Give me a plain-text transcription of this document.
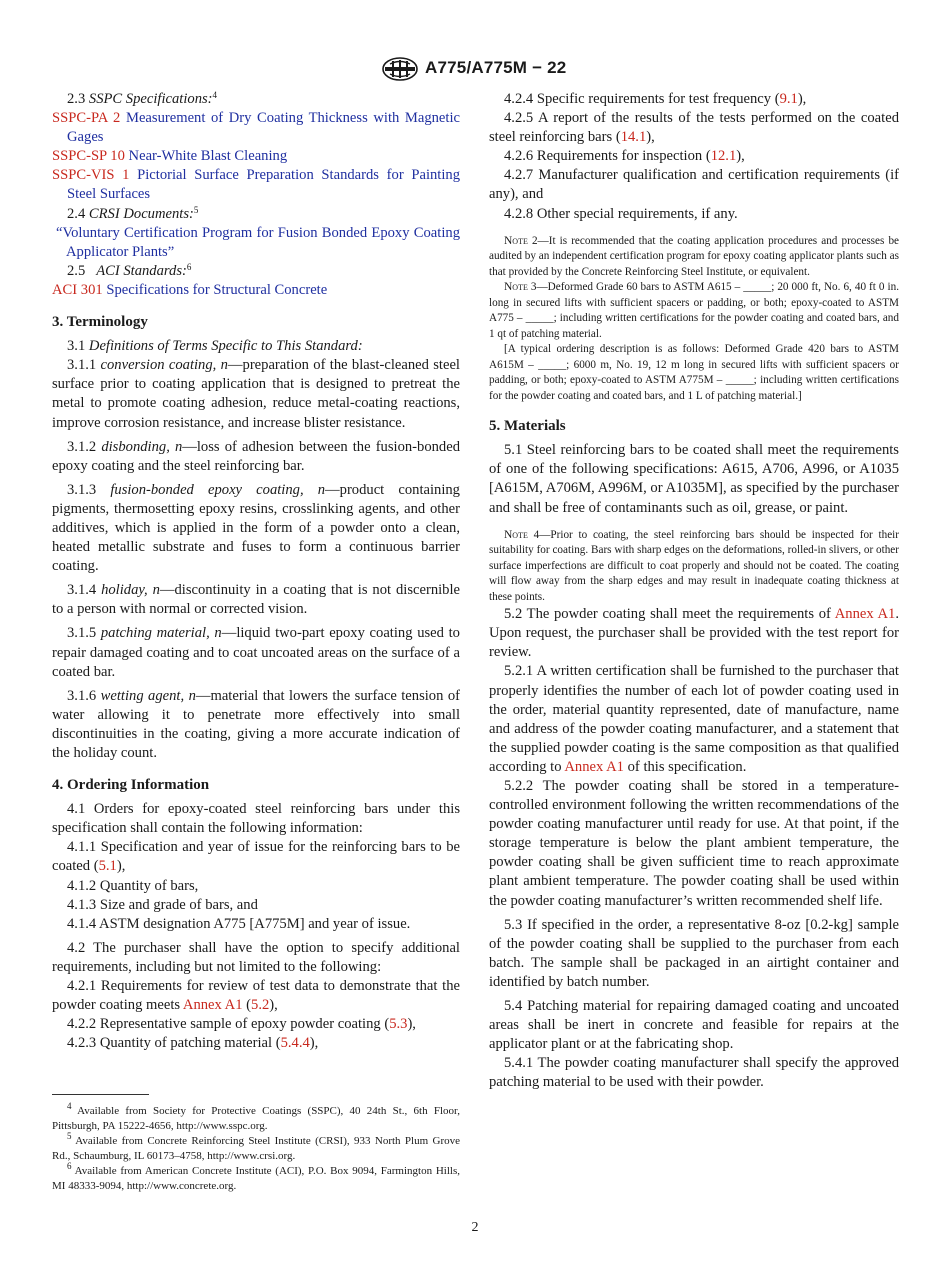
A775/A775M − 22

2.3 SSPC Specifications:$^4$

SSPC-PA 2 Measurement of Dry Coating Thickness with Magnetic Gages

SSPC-SP 10 Near-White Blast Cleaning

SSPC-VIS 1 Pictorial Surface Preparation Standards for Painting Steel Surfaces

2.4 CRSI Documents:$^5$

“Voluntary Certification Program for Fusion Bonded Epoxy Coating Applicator Plants”

2.5 ACI Standards:$^6$

ACI 301 Specifications for Structural Concrete

3. Terminology

3.1 Definitions of Terms Specific to This Standard:

3.1.1 conversion coating, n—preparation of the blast-cleaned steel surface prior to coating application that is designed to pretreat the metal to promote coating adhesion, reduce metal-coating reactions, improve corrosion resistance, and increase blister resistance.

3.1.2 disbonding, n—loss of adhesion between the fusion-bonded epoxy coating and the steel reinforcing bar.

3.1.3 fusion-bonded epoxy coating, n—product containing pigments, thermosetting epoxy resins, crosslinking agents, and other additives, which is applied in the form of a powder onto a clean, heated metallic substrate and fuses to form a continuous barrier coating.

3.1.4 holiday, n—discontinuity in a coating that is not discernible to a person with normal or corrected vision.

3.1.5 patching material, n—liquid two-part epoxy coating used to repair damaged coating and to coat uncoated areas on the surface of a coated bar.

3.1.6 wetting agent, n—material that lowers the surface tension of water allowing it to penetrate more effectively into small discontinuities in the coating, giving a more accurate indication of the holiday count.

4. Ordering Information

4.1 Orders for epoxy-coated steel reinforcing bars under this specification shall contain the following information:

4.1.1 Specification and year of issue for the reinforcing bars to be coated (5.1),

4.1.2 Quantity of bars,

4.1.3 Size and grade of bars, and

4.1.4 ASTM designation A775 [A775M] and year of issue.

4.2 The purchaser shall have the option to specify additional requirements, including but not limited to the following:

4.2.1 Requirements for review of test data to demonstrate that the powder coating meets Annex A1 (5.2),

4.2.2 Representative sample of epoxy powder coating (5.3),

4.2.3 Quantity of patching material (5.4.4),

4.2.4 Specific requirements for test frequency (9.1),

4.2.5 A report of the results of the tests performed on the coated steel reinforcing bars (14.1),

4.2.6 Requirements for inspection (12.1),

4.2.7 Manufacturer qualification and certification requirements (if any), and

4.2.8 Other special requirements, if any.

Note 2—It is recommended that the coating application procedures and processes be audited by an independent certification program for epoxy coating applicator plants such as that provided by the Concrete Reinforcing Steel Institute, or equivalent.

Note 3—Deformed Grade 60 bars to ASTM A615 – _____; 20 000 ft, No. 6, 40 ft 0 in. long in secured lifts with sufficient spacers or padding, or both; epoxy-coated to ASTM A775 – _____; including written certifications for the powder coating and coated bars, and 1 qt of patching material.

[A typical ordering description is as follows: Deformed Grade 420 bars to ASTM A615M – _____; 6000 m, No. 19, 12 m long in secured lifts with sufficient spacers or padding, or both; epoxy-coated to ASTM A775M – _____; including written certifications for the powder coating and coated bars, and 1 L of patching material.]

5. Materials

5.1 Steel reinforcing bars to be coated shall meet the requirements of one of the following specifications: A615, A706, A996, or A1035 [A615M, A706M, A996M, or A1035M], as specified by the purchaser and shall be free of contaminants such as oil, grease, or paint.

Note 4—Prior to coating, the steel reinforcing bars should be inspected for their suitability for coating. Bars with sharp edges on the deformations, rolled-in slivers, or other surface imperfections are difficult to coat properly and should not be coated. The coating will flow away from the sharp edges and may result in inadequate coating thickness at these points.

5.2 The powder coating shall meet the requirements of Annex A1. Upon request, the purchaser shall be provided with the test report for review.

5.2.1 A written certification shall be furnished to the purchaser that properly identifies the number of each lot of powder coating used in the order, material quantity represented, date of manufacture, name and address of the powder coating manufacturer, and a statement that the supplied powder coating is the same composition as that qualified according to Annex A1 of this specification.

5.2.2 The powder coating shall be stored in a temperature-controlled environment following the written recommendations of the powder coating manufacturer until ready for use. At that point, if the storage temperature is below the plant ambient temperature, the powder coating shall be given sufficient time to reach approximate plant ambient temperature. The powder coating shall be used within the powder coating manufacturer’s written recommended shelf life.

5.3 If specified in the order, a representative 8-oz [0.2-kg] sample of the powder coating shall be supplied to the purchaser from each batch. The sample shall be packaged in an airtight container and identified by batch number.

5.4 Patching material for repairing damaged coating and uncoated areas shall be inert in concrete and feasible for repairs at the applicator plant or at the fabricating shop.

5.4.1 The powder coating manufacturer shall specify the approved patching material to be used with their powder.

$^4$ Available from Society for Protective Coatings (SSPC), 40 24th St., 6th Floor, Pittsburgh, PA 15222-4656, http://www.sspc.org.

$^5$ Available from Concrete Reinforcing Steel Institute (CRSI), 933 North Plum Grove Rd., Schaumburg, IL 60173–4758, http://www.crsi.org.

$^6$ Available from American Concrete Institute (ACI), P.O. Box 9094, Farmington Hills, MI 48333-9094, http://www.concrete.org.

2
